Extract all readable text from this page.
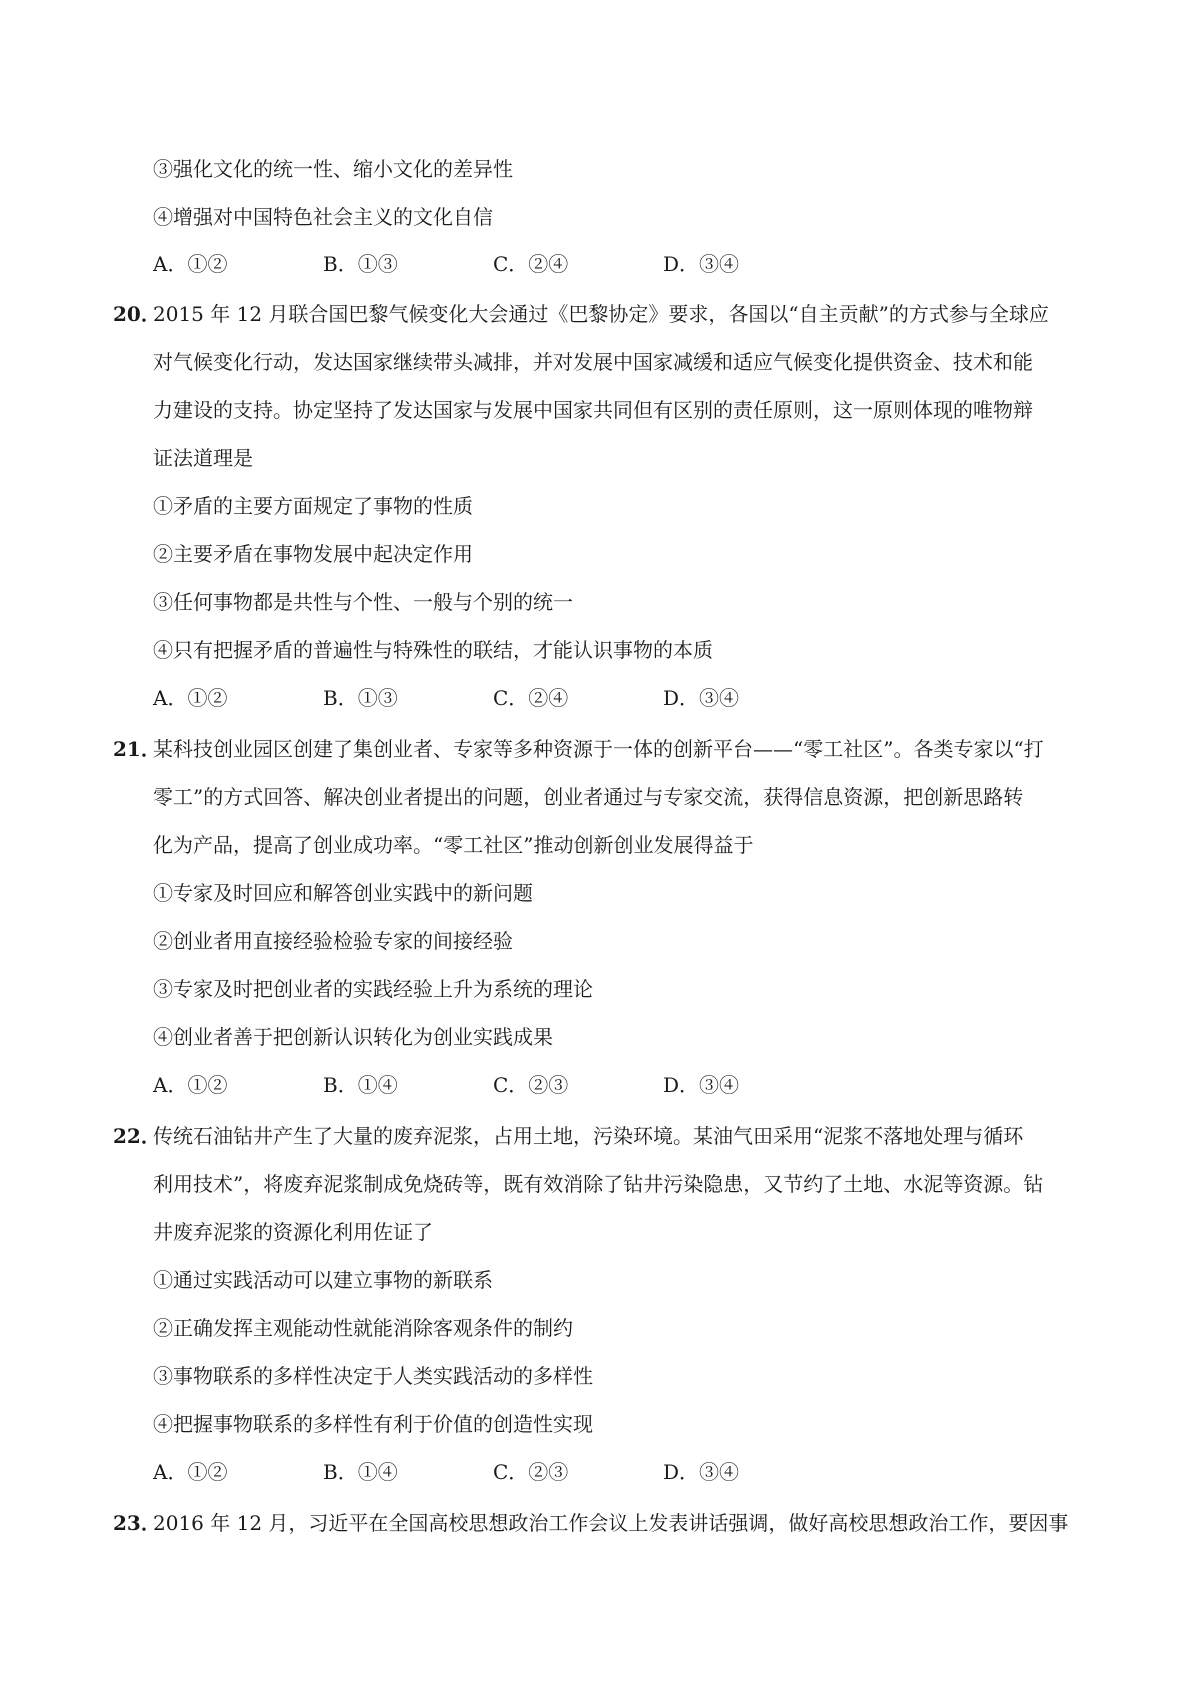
③强化文化的统一性、缩小文化的差异性
④增强对中国特色社会主义的文化自信
A．①②	B．①③	C．②④	D．③④
20．
2015 年 12 月联合国巴黎气候变化大会通过《巴黎协定》要求，各国以“自主贡献”的方式参与全球应
对气候变化行动，发达国家继续带头减排，并对发展中国家减缓和适应气候变化提供资金、技术和能
力建设的支持。协定坚持了发达国家与发展中国家共同但有区别的责任原则，这一原则体现的唯物辩
证法道理是
①矛盾的主要方面规定了事物的性质
②主要矛盾在事物发展中起决定作用
③任何事物都是共性与个性、一般与个别的统一
④只有把握矛盾的普遍性与特殊性的联结，才能认识事物的本质
A．①②	B．①③	C．②④	D．③④
21．
某科技创业园区创建了集创业者、专家等多种资源于一体的创新平台——“零工社区”。各类专家以“打
零工”的方式回答、解决创业者提出的问题，创业者通过与专家交流，获得信息资源，把创新思路转
化为产品，提高了创业成功率。“零工社区”推动创新创业发展得益于
①专家及时回应和解答创业实践中的新问题
②创业者用直接经验检验专家的间接经验
③专家及时把创业者的实践经验上升为系统的理论
④创业者善于把创新认识转化为创业实践成果
A．①②	B．①④	C．②③	D．③④
22．
传统石油钻井产生了大量的废弃泥浆，占用土地，污染环境。某油气田采用“泥浆不落地处理与循环
利用技术”，将废弃泥浆制成免烧砖等，既有效消除了钻井污染隐患，又节约了土地、水泥等资源。钻
井废弃泥浆的资源化利用佐证了
①通过实践活动可以建立事物的新联系
②正确发挥主观能动性就能消除客观条件的制约
③事物联系的多样性决定于人类实践活动的多样性
④把握事物联系的多样性有利于价值的创造性实现
A．①②	B．①④	C．②③	D．③④
23．
2016 年 12 月，习近平在全国高校思想政治工作会议上发表讲话强调，做好高校思想政治工作，要因事
